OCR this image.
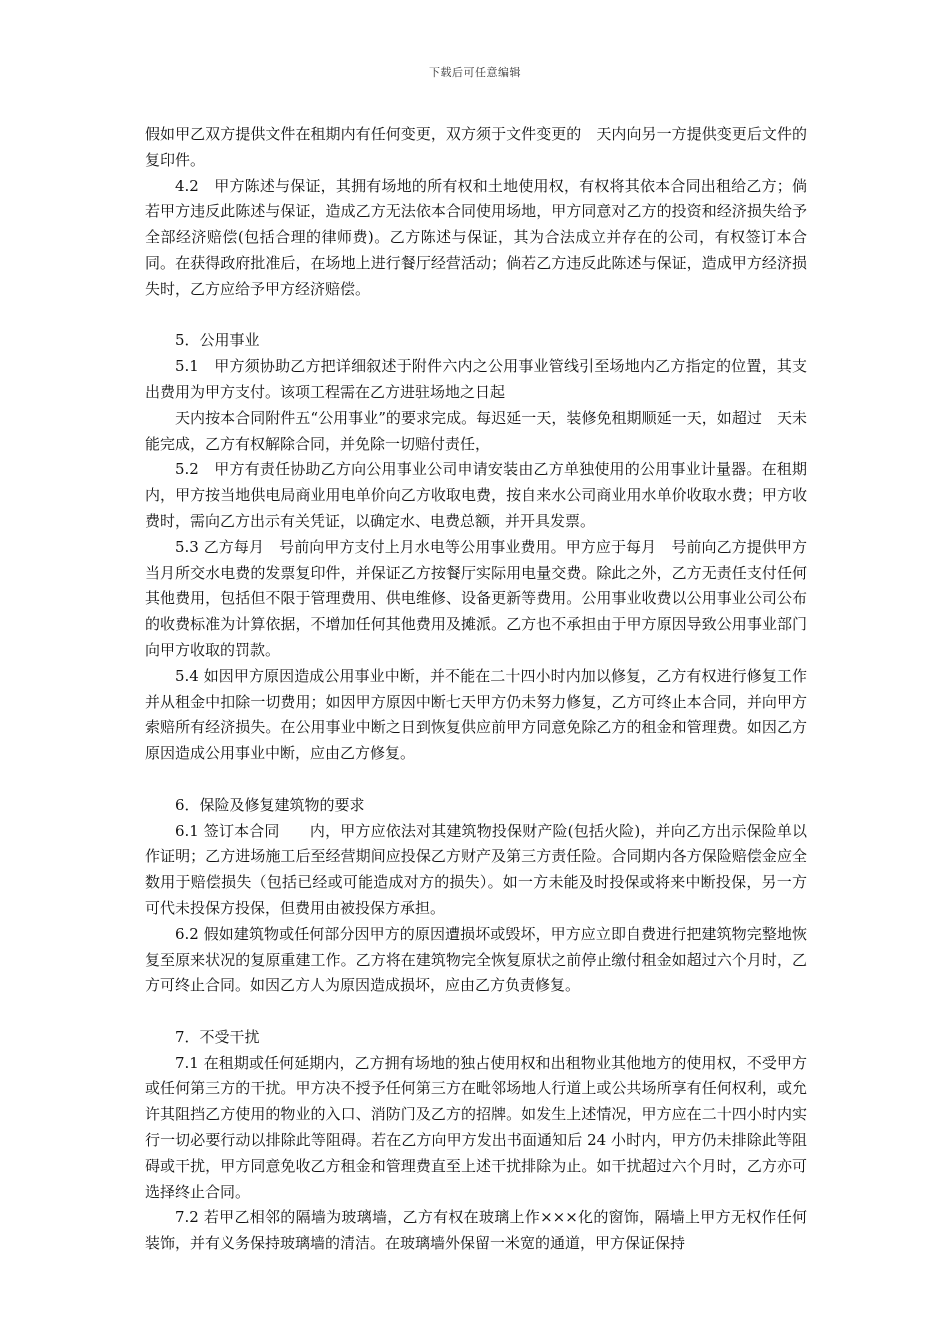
下载后可任意编辑

假如甲乙双方提供文件在租期内有任何变更，双方须于文件变更的　天内向另一方提供变更后文件的复印件。

4.2　甲方陈述与保证，其拥有场地的所有权和土地使用权，有权将其依本合同出租给乙方；倘若甲方违反此陈述与保证，造成乙方无法依本合同使用场地，甲方同意对乙方的投资和经济损失给予全部经济赔偿(包括合理的律师费)。乙方陈述与保证，其为合法成立并存在的公司，有权签订本合同。在获得政府批准后，在场地上进行餐厅经营活动；倘若乙方违反此陈述与保证，造成甲方经济损失时，乙方应给予甲方经济赔偿。

5．公用事业

5.1　甲方须协助乙方把详细叙述于附件六内之公用事业管线引至场地内乙方指定的位置，其支出费用为甲方支付。该项工程需在乙方进驻场地之日起

天内按本合同附件五“公用事业”的要求完成。每迟延一天，装修免租期顺延一天，如超过　天未能完成，乙方有权解除合同，并免除一切赔付责任，

5.2　甲方有责任协助乙方向公用事业公司申请安装由乙方单独使用的公用事业计量器。在租期内，甲方按当地供电局商业用电单价向乙方收取电费，按自来水公司商业用水单价收取水费；甲方收费时，需向乙方出示有关凭证，以确定水、电费总额，并开具发票。

5.3 乙方每月　号前向甲方支付上月水电等公用事业费用。甲方应于每月　号前向乙方提供甲方当月所交水电费的发票复印件，并保证乙方按餐厅实际用电量交费。除此之外，乙方无责任支付任何其他费用，包括但不限于管理费用、供电维修、设备更新等费用。公用事业收费以公用事业公司公布的收费标准为计算依据，不增加任何其他费用及摊派。乙方也不承担由于甲方原因导致公用事业部门向甲方收取的罚款。

5.4 如因甲方原因造成公用事业中断，并不能在二十四小时内加以修复，乙方有权进行修复工作并从租金中扣除一切费用；如因甲方原因中断七天甲方仍未努力修复，乙方可终止本合同，并向甲方索赔所有经济损失。在公用事业中断之日到恢复供应前甲方同意免除乙方的租金和管理费。如因乙方原因造成公用事业中断，应由乙方修复。

6．保险及修复建筑物的要求

6.1 签订本合同　　内，甲方应依法对其建筑物投保财产险(包括火险)，并向乙方出示保险单以作证明；乙方进场施工后至经营期间应投保乙方财产及第三方责任险。合同期内各方保险赔偿金应全数用于赔偿损失（包括已经或可能造成对方的损失）。如一方未能及时投保或将来中断投保，另一方可代未投保方投保，但费用由被投保方承担。

6.2 假如建筑物或任何部分因甲方的原因遭损坏或毁坏，甲方应立即自费进行把建筑物完整地恢复至原来状况的复原重建工作。乙方将在建筑物完全恢复原状之前停止缴付租金如超过六个月时，乙方可终止合同。如因乙方人为原因造成损坏，应由乙方负责修复。

7．不受干扰

7.1 在租期或任何延期内，乙方拥有场地的独占使用权和出租物业其他地方的使用权，不受甲方或任何第三方的干扰。甲方决不授予任何第三方在毗邻场地人行道上或公共场所享有任何权利，或允许其阻挡乙方使用的物业的入口、消防门及乙方的招牌。如发生上述情况，甲方应在二十四小时内实行一切必要行动以排除此等阻碍。若在乙方向甲方发出书面通知后 24 小时内，甲方仍未排除此等阻碍或干扰，甲方同意免收乙方租金和管理费直至上述干扰排除为止。如干扰超过六个月时，乙方亦可选择终止合同。

7.2 若甲乙相邻的隔墙为玻璃墙，乙方有权在玻璃上作×××化的窗饰，隔墙上甲方无权作任何装饰，并有义务保持玻璃墙的清洁。在玻璃墙外保留一米宽的通道，甲方保证保持
